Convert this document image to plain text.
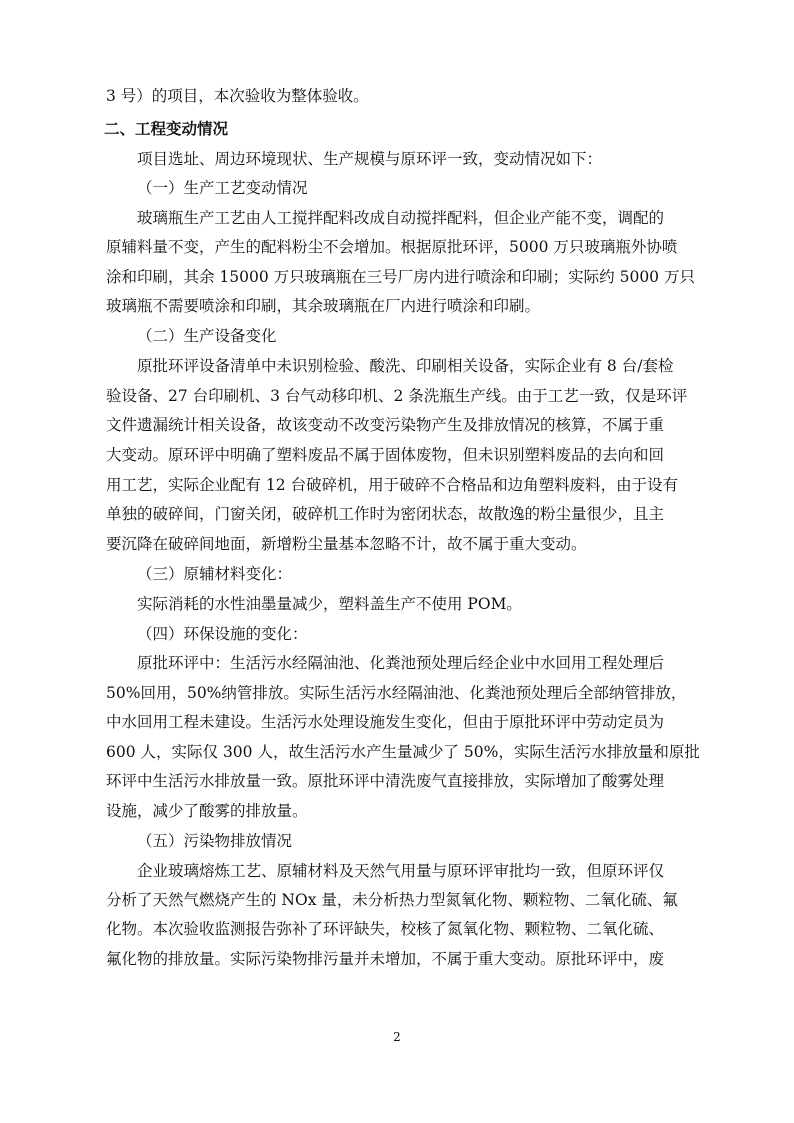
3 号）的项目，本次验收为整体验收。
二、工程变动情况
项目选址、周边环境现状、生产规模与原环评一致，变动情况如下：
（一）生产工艺变动情况
玻璃瓶生产工艺由人工搅拌配料改成自动搅拌配料，但企业产能不变，调配的
原辅料量不变，产生的配料粉尘不会增加。根据原批环评，5000 万只玻璃瓶外协喷
涂和印刷，其余 15000 万只玻璃瓶在三号厂房内进行喷涂和印刷；实际约 5000 万只
玻璃瓶不需要喷涂和印刷，其余玻璃瓶在厂内进行喷涂和印刷。
（二）生产设备变化
原批环评设备清单中未识别检验、酸洗、印刷相关设备，实际企业有 8 台/套检
验设备、27 台印刷机、3 台气动移印机、2 条洗瓶生产线。由于工艺一致，仅是环评
文件遗漏统计相关设备，故该变动不改变污染物产生及排放情况的核算，不属于重
大变动。原环评中明确了塑料废品不属于固体废物，但未识别塑料废品的去向和回
用工艺，实际企业配有 12 台破碎机，用于破碎不合格品和边角塑料废料，由于设有
单独的破碎间，门窗关闭，破碎机工作时为密闭状态，故散逸的粉尘量很少，且主
要沉降在破碎间地面，新增粉尘量基本忽略不计，故不属于重大变动。
（三）原辅材料变化：
实际消耗的水性油墨量减少，塑料盖生产不使用 POM。
（四）环保设施的变化：
原批环评中：生活污水经隔油池、化粪池预处理后经企业中水回用工程处理后
50%回用，50%纳管排放。实际生活污水经隔油池、化粪池预处理后全部纳管排放，
中水回用工程未建设。生活污水处理设施发生变化，但由于原批环评中劳动定员为
600 人，实际仅 300 人，故生活污水产生量减少了 50%，实际生活污水排放量和原批
环评中生活污水排放量一致。原批环评中清洗废气直接排放，实际增加了酸雾处理
设施，减少了酸雾的排放量。
（五）污染物排放情况
企业玻璃熔炼工艺、原辅材料及天然气用量与原环评审批均一致，但原环评仅
分析了天然气燃烧产生的 NOx 量，未分析热力型氮氧化物、颗粒物、二氧化硫、氟
化物。本次验收监测报告弥补了环评缺失，校核了氮氧化物、颗粒物、二氧化硫、
氟化物的排放量。实际污染物排污量并未增加，不属于重大变动。原批环评中，废
2
